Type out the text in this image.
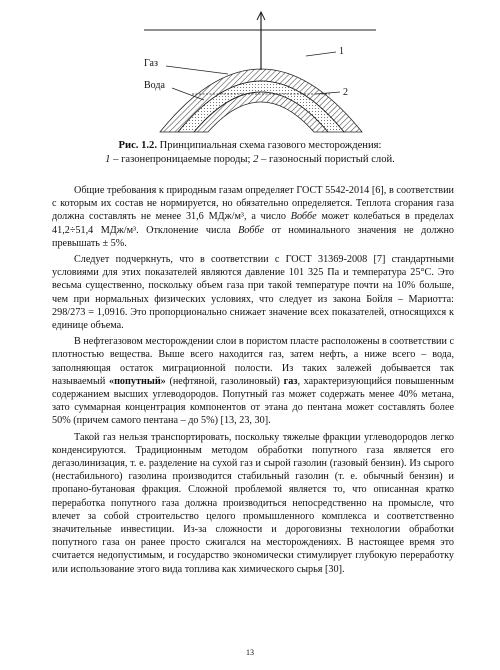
Газ
Вода
1
2
Рис. 1.2. Принципиальная схема газового месторождения:
1 – газонепроницаемые породы; 2 – газоносный пористый слой.

Общие требования к природным газам определяет ГОСТ 5542-2014 [6], в соответствии с которым их состав не нормируется, но обязательно определяется. Теплота сгорания газа должна составлять не менее 31,6 МДж/м³, а число Воббе может колебаться в пределах 41,2÷51,4 МДж/м³. Отклонение числа Воббе от номинального значения не должно превышать ± 5%.

Следует подчеркнуть, что в соответствии с ГОСТ 31369-2008 [7] стандартными условиями для этих показателей являются давление 101 325 Па и температура 25°С. Это весьма существенно, поскольку объем газа при такой температуре почти на 10% больше, чем при нормальных физических условиях, что следует из закона Бойля – Мариотта: 298/273 = 1,0916. Это пропорционально снижает значение всех показателей, относящихся к единице объема.

В нефтегазовом месторождении слои в пористом пласте расположены в соответствии с плотностью вещества. Выше всего находится газ, затем нефть, а ниже всего – вода, заполняющая остаток миграционной полости. Из таких залежей добывается так называемый «попутный» (нефтяной, газолиновый) газ, характеризующийся повышенным содержанием высших углеводородов. Попутный газ может содержать менее 40% метана, зато суммарная концентрация компонентов от этана до пентана может составлять более 50% (причем самого пентана – до 5%) [13, 23, 30].

Такой газ нельзя транспортировать, поскольку тяжелые фракции углеводородов легко конденсируются. Традиционным методом обработки попутного газа является его дегазолинизация, т. е. разделение на сухой газ и сырой газолин (газовый бензин). Из сырого (нестабильного) газолина производится стабильный газолин (т. е. обычный бензин) и пропано-бутановая фракция. Сложной проблемой является то, что описанная кратко переработка попутного газа должна производиться непосредственно на промысле, что влечет за собой строительство целого промышленного комплекса и соответственно значительные инвестиции. Из-за сложности и дороговизны технологии обработки попутного газа он ранее просто сжигался на месторождениях. В настоящее время это считается недопустимым, и государство экономически стимулирует глубокую переработку или использование этого вида топлива как химического сырья [30].

13
